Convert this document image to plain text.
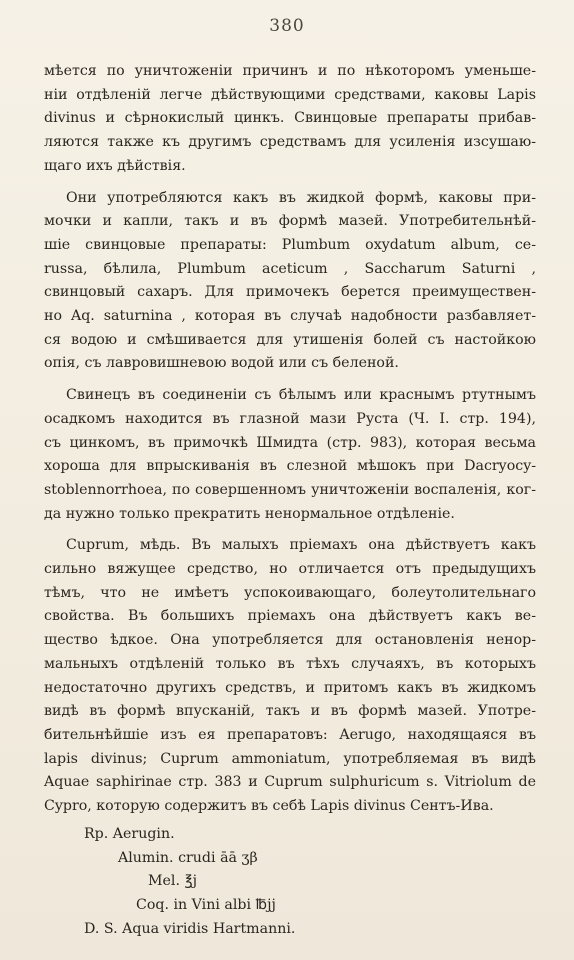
380
мѣется по уничтоженіи причинъ и по нѣкоторомъ уменьше-
ніи отдѣленій легче дѣйствующими средствами, каковы Lapis
divinus и сѣрнокислый цинкъ. Свинцовые препараты прибав-
ляются также къ другимъ средствамъ для усиленія изсушаю-
щаго ихъ дѣйствія.
Они употребляются какъ въ жидкой формѣ, каковы при-
мочки и капли, такъ и въ формѣ мазей. Употребительнѣй-
шіе свинцовые препараты: Plumbum oxydatum album, ce-
russa, бѣлила, Plumbum aceticum , Saccharum Saturni ,
свинцовый сахаръ. Для примочекъ берется преимуществен-
но Aq. saturnina , которая въ случаѣ надобности разбавляет-
ся водою и смѣшивается для утишенія болей съ настойкою
опія, съ лавровишневою водой или съ беленой.
Свинецъ въ соединеніи съ бѣлымъ или краснымъ ртутнымъ
осадкомъ находится въ глазной мази Руста (Ч. I. стр. 194),
съ цинкомъ, въ примочкѣ Шмидта (стр. 983), которая весьма
хороша для впрыскиванія въ слезной мѣшокъ при Dacryocy-
stoblennorrhoea, по совершенномъ уничтоженіи воспаленія, ког-
да нужно только прекратить ненормальное отдѣленіе.
Cuprum, мѣдь. Въ малыхъ пріемахъ она дѣйствуетъ какъ
сильно вяжущее средство, но отличается отъ предыдущихъ
тѣмъ, что не имѣетъ успокоивающаго, болеутолительнаго
свойства. Въ большихъ пріемахъ она дѣйствуетъ какъ ве-
щество ѣдкое. Она употребляется для остановленія ненор-
мальныхъ отдѣленій только въ тѣхъ случаяхъ, въ которыхъ
недостаточно другихъ средствъ, и притомъ какъ въ жидкомъ
видѣ въ формѣ впусканій, такъ и въ формѣ мазей. Употре-
бительнѣйшіе изъ ея препаратовъ: Aerugo, находящаяся въ
lapis divinus; Cuprum ammoniatum, употребляемая въ видѣ
Aquae saphirinae стр. 383 и Cuprum sulphuricum s. Vitriolum de
Cypro, которую содержитъ въ себѣ Lapis divinus Сентъ-Ива.
Rp. Aerugin.
Alumin. crudi āā ʒβ
Mel. ℥j
Coq. in Vini albi ℔jj
D. S. Aqua viridis Hartmanni.
